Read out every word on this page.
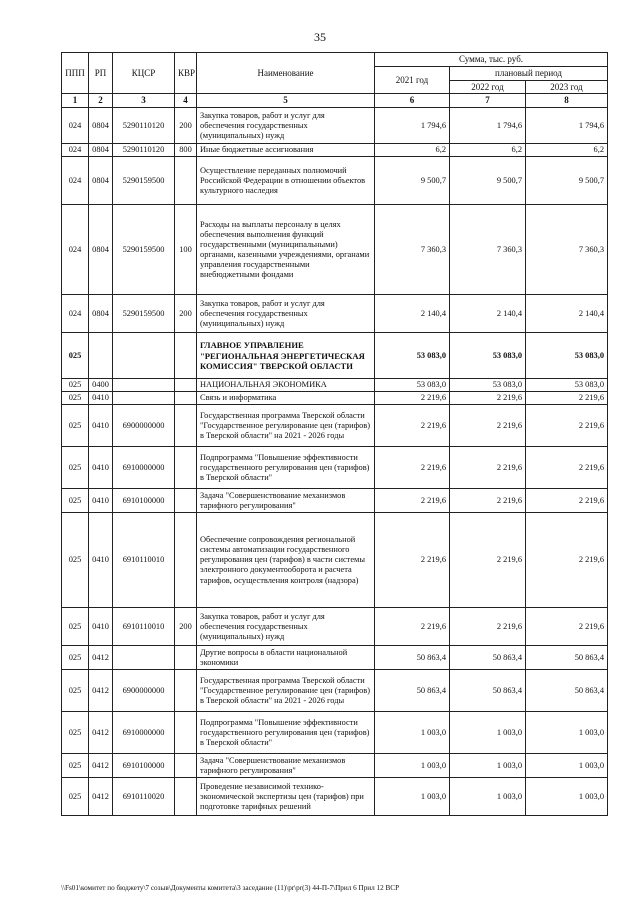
35
ППП	РП	КЦСР	КВР	Наименование	Сумма, тыс. руб.		
					2021 год	плановый период	
						2022 год	2023 год
1	2	3	4	5	6	7	8
024	0804	5290110120	200	Закупка товаров, работ и услуг для обеспечения государственных (муниципальных) нужд	1 794,6	1 794,6	1 794,6
024	0804	5290110120	800	Иные бюджетные ассигнования	6,2	6,2	6,2
024	0804	5290159500		Осуществление переданных полномочий Российской Федерации в отношении объектов культурного наследия	9 500,7	9 500,7	9 500,7
024	0804	5290159500	100	Расходы на выплаты персоналу в целях обеспечения выполнения функций государственными (муниципальными) органами, казенными учреждениями, органами управления государственными внебюджетными фондами	7 360,3	7 360,3	7 360,3
024	0804	5290159500	200	Закупка товаров, работ и услуг для обеспечения государственных (муниципальных) нужд	2 140,4	2 140,4	2 140,4
025				ГЛАВНОЕ УПРАВЛЕНИЕ "РЕГИОНАЛЬНАЯ ЭНЕРГЕТИЧЕСКАЯ КОМИССИЯ" ТВЕРСКОЙ ОБЛАСТИ	53 083,0	53 083,0	53 083,0
025	0400			НАЦИОНАЛЬНАЯ ЭКОНОМИКА	53 083,0	53 083,0	53 083,0
025	0410			Связь и информатика	2 219,6	2 219,6	2 219,6
025	0410	6900000000		Государственная программа Тверской области "Государственное регулирование цен (тарифов) в Тверской области" на 2021 - 2026 годы	2 219,6	2 219,6	2 219,6
025	0410	6910000000		Подпрограмма "Повышение эффективности государственного регулирования цен (тарифов) в Тверской области"	2 219,6	2 219,6	2 219,6
025	0410	6910100000		Задача "Совершенствование механизмов тарифного регулирования"	2 219,6	2 219,6	2 219,6
025	0410	6910110010		Обеспечение сопровождения региональной системы автоматизации государственного регулирования цен (тарифов) в части системы электронного документооборота и расчета тарифов, осуществления контроля (надзора)	2 219,6	2 219,6	2 219,6
025	0410	6910110010	200	Закупка товаров, работ и услуг для обеспечения государственных (муниципальных) нужд	2 219,6	2 219,6	2 219,6
025	0412			Другие вопросы в области национальной экономики	50 863,4	50 863,4	50 863,4
025	0412	6900000000		Государственная программа Тверской области "Государственное регулирование цен (тарифов) в Тверской области" на 2021 - 2026 годы	50 863,4	50 863,4	50 863,4
025	0412	6910000000		Подпрограмма "Повышение эффективности государственного регулирования цен (тарифов) в Тверской области"	1 003,0	1 003,0	1 003,0
025	0412	6910100000		Задача "Совершенствование механизмов тарифного регулирования"	1 003,0	1 003,0	1 003,0
025	0412	6910110020		Проведение независимой технико-экономической экспертизы цен (тарифов) при подготовке тарифных решений	1 003,0	1 003,0	1 003,0
\\Fs01\комитет по бюджету\7 созыв\Документы комитета\3 заседание (11)\pr\pr(3) 44-П-7\Прил 6 Прил 12 ВСР
